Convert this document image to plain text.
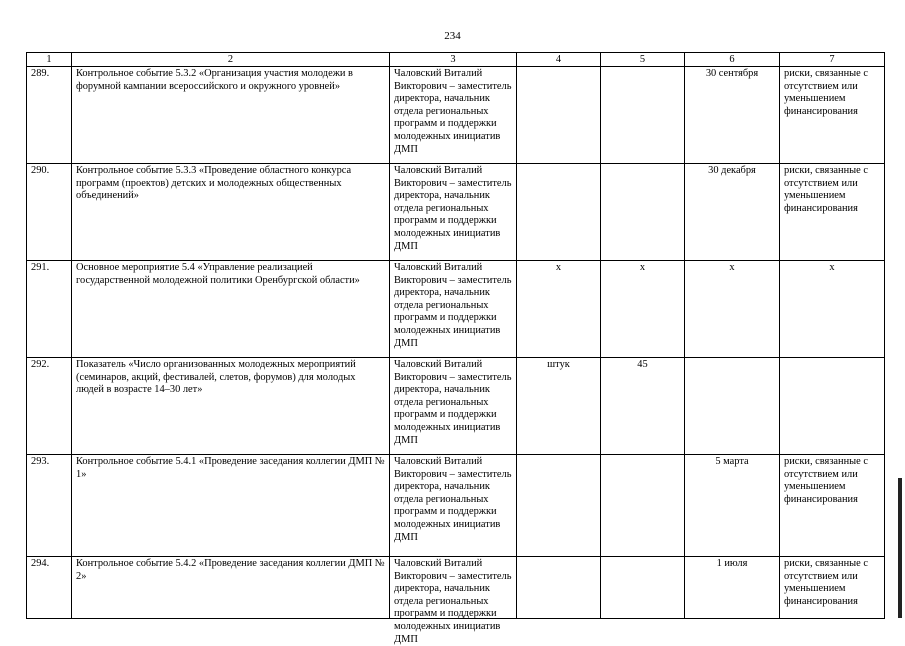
234
1	2	3	4	5	6	7

289.	Контрольное событие 5.3.2 «Организация участия молодежи в форумной кампании всероссийского и окружного уровней»	Чаловский Виталий Викторович – заместитель директора, начальник отдела региональных программ и поддержки молодежных инициатив ДМП			30 сентября	риски, связанные с отсутствием или уменьшением финансирования

290.	Контрольное событие 5.3.3 «Проведение областного конкурса программ (проектов) детских и молодежных общественных объединений»	Чаловский Виталий Викторович – заместитель директора, начальник отдела региональных программ и поддержки молодежных инициатив ДМП			30 декабря	риски, связанные с отсутствием или уменьшением финансирования

291.	Основное мероприятие 5.4 «Управление реализацией государственной молодежной политики Оренбургской области»	Чаловский Виталий Викторович – заместитель директора, начальник отдела региональных программ и поддержки молодежных инициатив ДМП	х	х	х	х

292.	Показатель «Число организованных молодежных мероприятий (семинаров, акций, фестивалей, слетов, форумов) для молодых людей в возрасте 14–30 лет»	Чаловский Виталий Викторович – заместитель директора, начальник отдела региональных программ и поддержки молодежных инициатив ДМП	штук	45		

293.	Контрольное событие 5.4.1 «Проведение заседания коллегии ДМП № 1»	Чаловский Виталий Викторович – заместитель директора, начальник отдела региональных программ и поддержки молодежных инициатив ДМП			5 марта	риски, связанные с отсутствием или уменьшением финансирования

294.	Контрольное событие 5.4.2 «Проведение заседания коллегии ДМП № 2»	Чаловский Виталий Викторович – заместитель директора, начальник отдела региональных программ и поддержки молодежных инициатив ДМП			1 июля	риски, связанные с отсутствием или уменьшением финансирования
